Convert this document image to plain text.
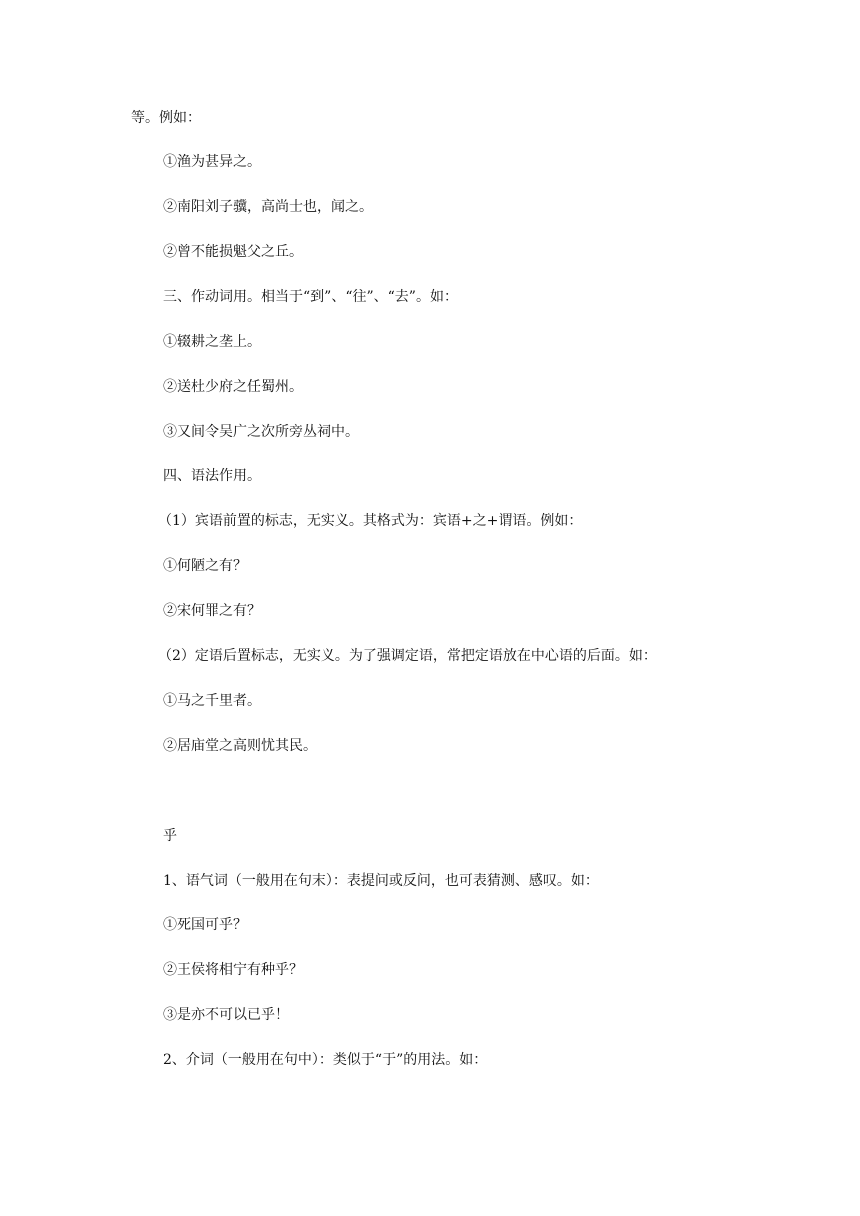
等。例如：
①渔为甚异之。
②南阳刘子骥，高尚士也，闻之。
②曾不能损魁父之丘。
三、作动词用。相当于“到”、“往”、“去”。如：
①辍耕之垄上。
②送杜少府之任蜀州。
③又间令吴广之次所旁丛祠中。
四、语法作用。
（1）宾语前置的标志，无实义。其格式为：宾语+之+谓语。例如：
①何陋之有？
②宋何罪之有？
（2）定语后置标志，无实义。为了强调定语，常把定语放在中心语的后面。如：
①马之千里者。
②居庙堂之高则忧其民。
乎
1、语气词（一般用在句末）：表提问或反问，也可表猜测、感叹。如：
①死国可乎？
②王侯将相宁有种乎？
③是亦不可以已乎！
2、介词（一般用在句中）：类似于“于”的用法。如：
